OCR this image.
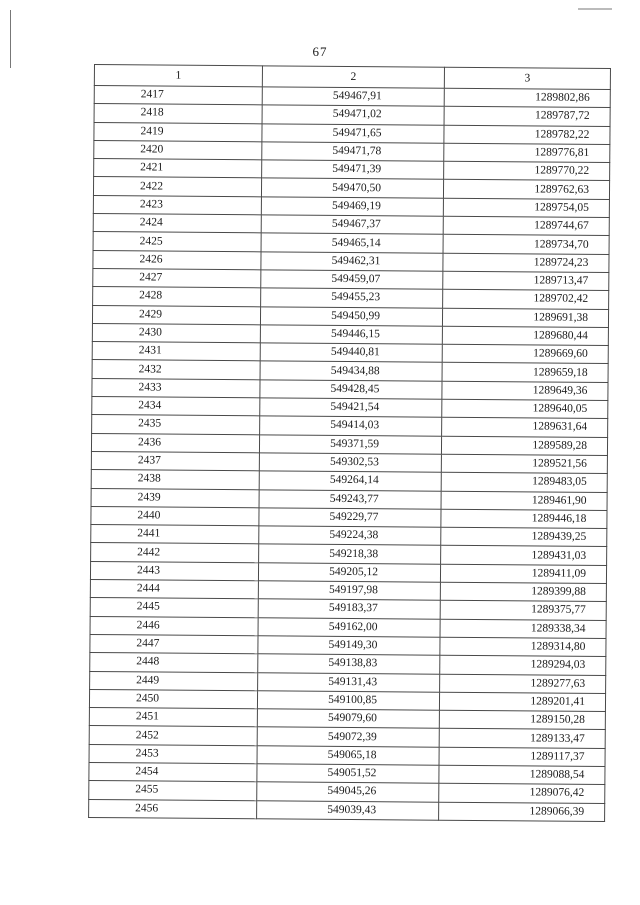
67
1	2	3
2417	549467,91	1289802,86
2418	549471,02	1289787,72
2419	549471,65	1289782,22
2420	549471,78	1289776,81
2421	549471,39	1289770,22
2422	549470,50	1289762,63
2423	549469,19	1289754,05
2424	549467,37	1289744,67
2425	549465,14	1289734,70
2426	549462,31	1289724,23
2427	549459,07	1289713,47
2428	549455,23	1289702,42
2429	549450,99	1289691,38
2430	549446,15	1289680,44
2431	549440,81	1289669,60
2432	549434,88	1289659,18
2433	549428,45	1289649,36
2434	549421,54	1289640,05
2435	549414,03	1289631,64
2436	549371,59	1289589,28
2437	549302,53	1289521,56
2438	549264,14	1289483,05
2439	549243,77	1289461,90
2440	549229,77	1289446,18
2441	549224,38	1289439,25
2442	549218,38	1289431,03
2443	549205,12	1289411,09
2444	549197,98	1289399,88
2445	549183,37	1289375,77
2446	549162,00	1289338,34
2447	549149,30	1289314,80
2448	549138,83	1289294,03
2449	549131,43	1289277,63
2450	549100,85	1289201,41
2451	549079,60	1289150,28
2452	549072,39	1289133,47
2453	549065,18	1289117,37
2454	549051,52	1289088,54
2455	549045,26	1289076,42
2456	549039,43	1289066,39
